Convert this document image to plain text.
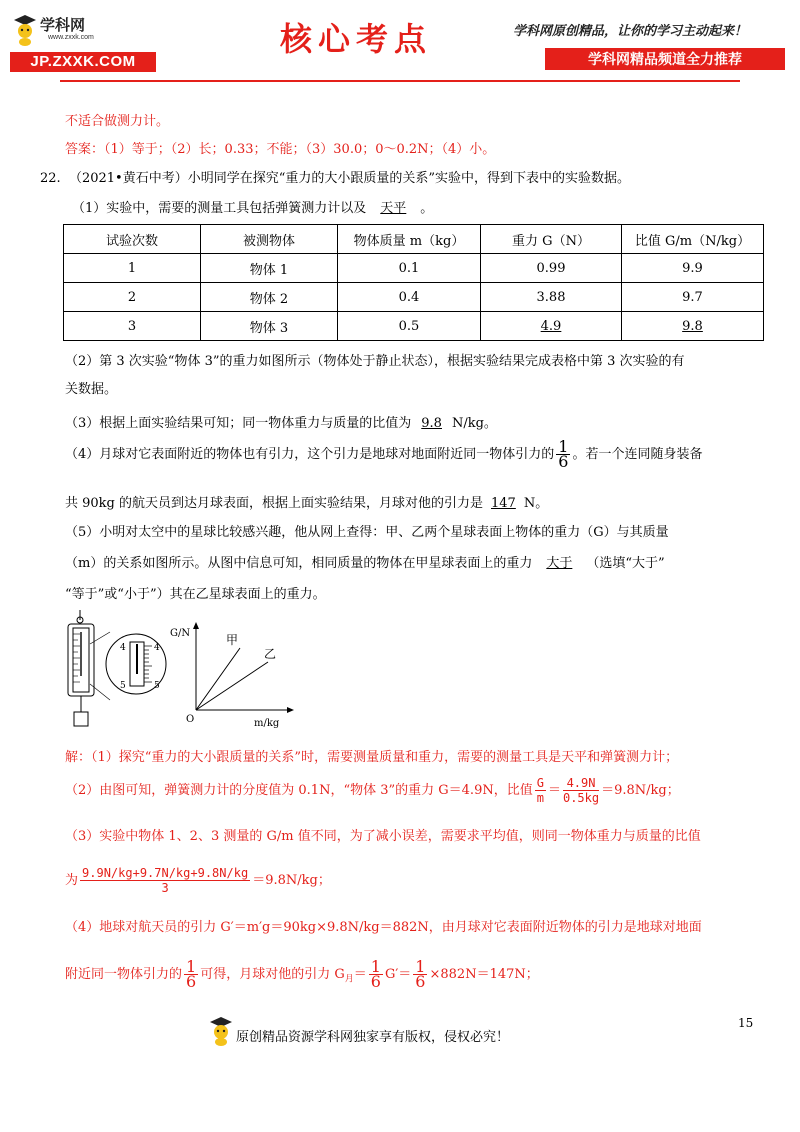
学科网
www.zxxk.com
JP.ZXXK.COM
核心考点	学科网原创精品，让你的学习主动起来！
学科网精品频道全力推荐
不适合做测力计。
答案：（1）等于；（2）长；0.33；不能；（3）30.0；0～0.2N；（4）小。
22. （2021•黄石中考）小明同学在探究“重力的大小跟质量的关系”实验中，得到下表中的实验数据。
（1）实验中，需要的测量工具包括弹簧测力计以及 天平 。
试验次数	被测物体	物体质量 m（kg）	重力 G（N）	比值 G/m（N/kg）
1	物体 1	0.1	0.99	9.9
2	物体 2	0.4	3.88	9.7
3	物体 3	0.5	4.9	9.8
（2）第 3 次实验“物体 3”的重力如图所示（物体处于静止状态），根据实验结果完成表格中第 3 次实验的有
关数据。
（3）根据上面实验结果可知；同一物体重力与质量的比值为 9.8 N/kg。
（4）月球对它表面附近的物体也有引力，这个引力是地球对地面附近同一物体引力的 $\frac{1}{6}$ 。若一个连同随身装备
共 90kg 的航天员到达月球表面，根据上面实验结果，月球对他的引力是 147 N。
（5）小明对太空中的星球比较感兴趣，他从网上查得：甲、乙两个星球表面上物体的重力（G）与其质量
（m）的关系如图所示。从图中信息可知，相同质量的物体在甲星球表面上的重力 大于 （选填“大于”
“等于”或“小于”）其在乙星球表面上的重力。
4
5
4
5
G/N	甲
乙
O	m/kg
解：（1）探究“重力的大小跟质量的关系”时，需要测量质量和重力，需要的测量工具是天平和弹簧测力计；
（2）由图可知，弹簧测力计的分度值为 0.1N，“物体 3”的重力 G＝4.9N，比值 $\frac{G}{m} = \frac{4.9N}{0.5kg} =9.8N/kg$；
（3）实验中物体 1、2、3 测量的 G/m 值不同，为了减小误差，需要求平均值，则同一物体重力与质量的比值
为 $\frac{9.9N/kg+9.7N/kg+9.8N/kg}{3} =9.8N/kg$；
（4）地球对航天员的引力 G′＝m′g＝90kg×9.8N/kg＝882N，由月球对它表面附近物体的引力是地球对地面
附近同一物体引力的 $\frac{1}{6}$ 可得，月球对他的引力 $G_月= \frac{1}{6} G'= \frac{1}{6} \times 882N=147N$；
15
原创精品资源学科网独家享有版权，侵权必究！
